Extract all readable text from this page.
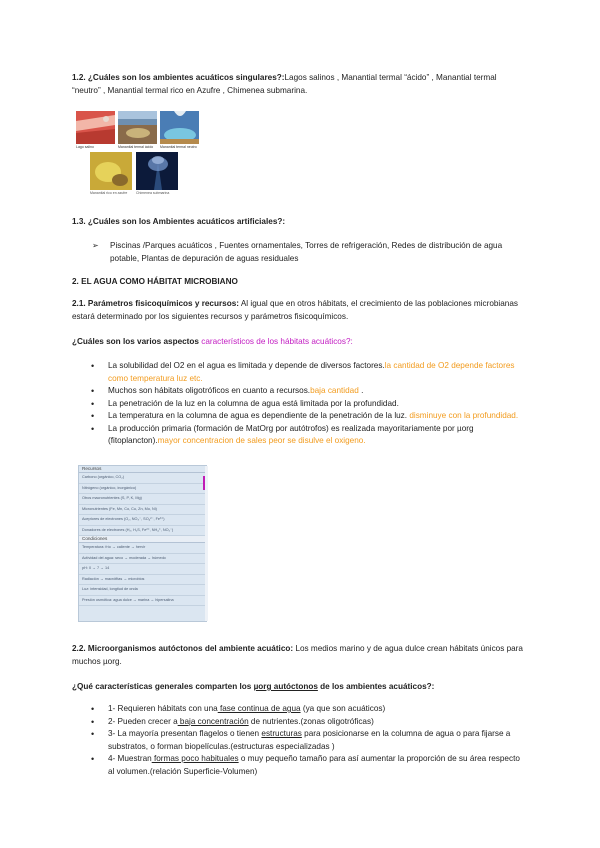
1.2. ¿Cuáles son los ambientes acuáticos singulares?:Lagos salinos , Manantial termal “ácido” , Manantial termal “neutro” , Manantial termal rico en Azufre , Chimenea submarina.
Lago salino	Manantial termal ácido	Manantial termal neutro
Manantial rico en azufre	Chimenea submarina
1.3. ¿Cuáles son los Ambientes acuáticos artificiales?:
➢	Piscinas /Parques acuáticos , Fuentes ornamentales, Torres de refrigeración, Redes de distribución de agua potable, Plantas de depuración de aguas residuales
2. EL AGUA COMO HÁBITAT MICROBIANO
2.1. Parámetros fisicoquímicos y recursos: Al igual que en otros hábitats, el crecimiento de las poblaciones microbianas estará determinado por los siguientes recursos y parámetros fisicoquímicos.
¿Cuáles son los varios aspectos característicos de los hábitats acuáticos?:
• La solubilidad del O2 en el agua es limitada y depende de diversos factores.la cantidad de O2 depende factores como temperatura luz etc.
• Muchos son hábitats oligotróficos en cuanto a recursos.baja cantidad .
• La penetración de la luz en la columna de agua está limitada por la profundidad.
• La temperatura en la columna de agua es dependiente de la penetración de la luz. disminuye con la profundidad.
• La producción primaria (formación de MatOrg por autótrofos) es realizada mayoritariamente por µorg (fitoplancton).mayor concentracion de sales peor se disulve el oxigeno.
Recursos
Carbono (orgánico, CO₂)
Nitrógeno (orgánico, inorgánico)
Otros macronutrientes (S, P, K, Mg)
Micronutrientes (Fe, Mn, Co, Cu, Zn, Mo, Ni)
Aceptores de electrones (O₂, NO₃⁻, SO₄²⁻, Fe³⁺)
Donadores de electrones (H₂, H₂S, Fe²⁺, NH₄⁺, NO₂⁻)
Condiciones
Temperatura: frío → caliente → hervir
Actividad del agua: seco → moderada → húmedo
pH: 0 → 7 → 14
Radiación → macrófitas → microbios
Luz: intensidad, longitud de onda
Presión osmótica: agua dulce → marina → hipersalina
2.2. Microorganismos autóctonos del ambiente acuático: Los medios marino y de agua dulce crean hábitats únicos para muchos µorg.
¿Qué características generales comparten los µorg autóctonos de los ambientes acuáticos?:
• 1- Requieren hábitats con una fase continua de agua (ya que son acuáticos)
• 2- Pueden crecer a baja concentración de nutrientes.(zonas oligotróficas)
• 3- La mayoría presentan flagelos o tienen estructuras para posicionarse en la columna de agua o para fijarse a substratos, o forman biopelículas.(estructuras especializadas )
• 4- Muestran formas poco habituales o muy pequeño tamaño para así aumentar la proporción de su área respecto al volumen.(relación Superficie-Volumen)
